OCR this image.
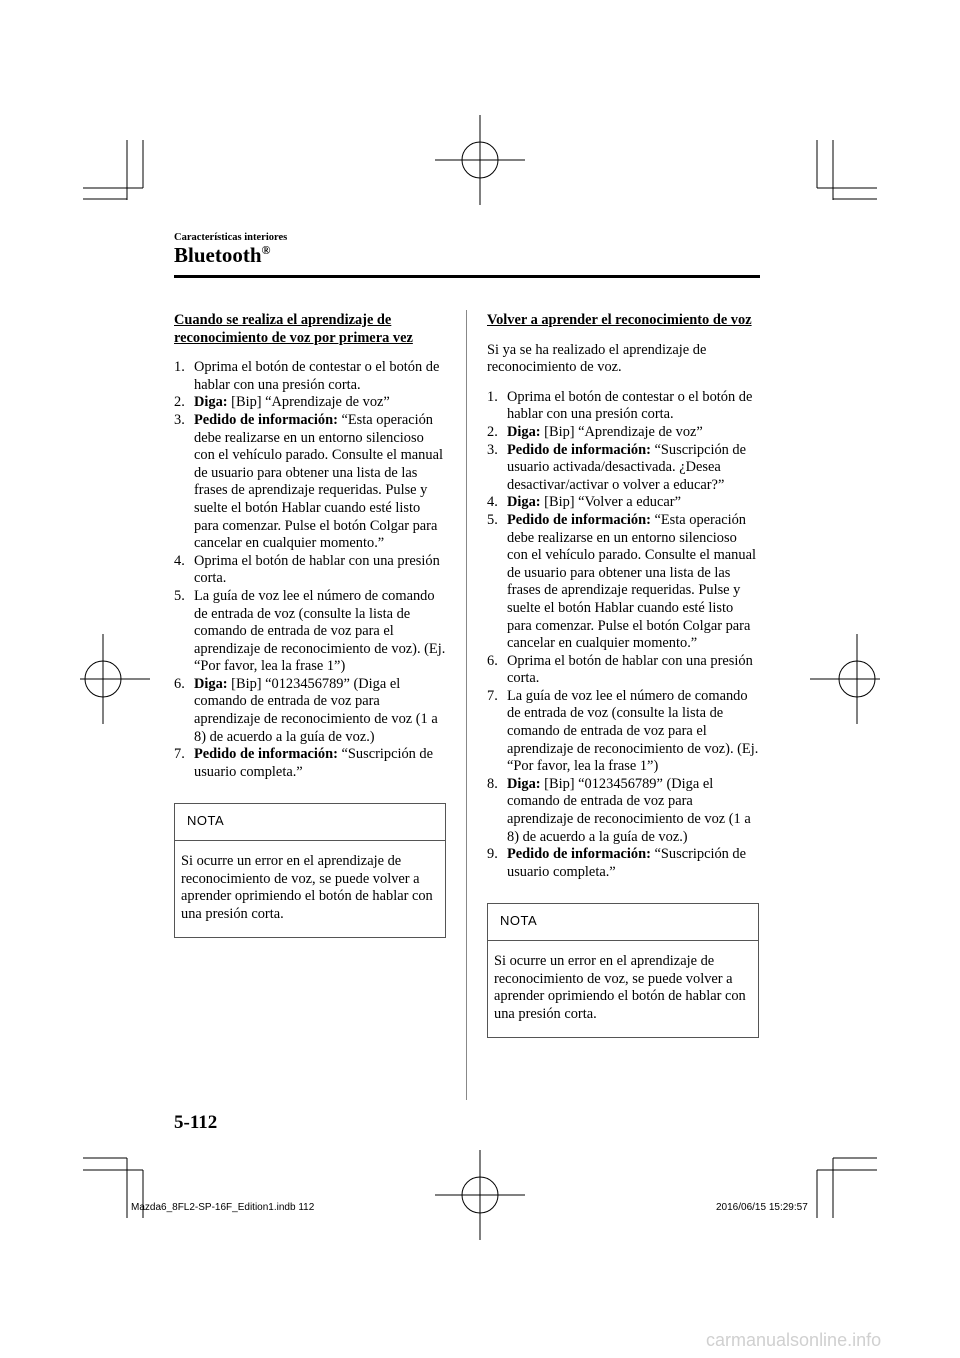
Características interiores
Bluetooth®
Cuando se realiza el aprendizaje de reconocimiento de voz por primera vez
1. Oprima el botón de contestar o el botón de hablar con una presión corta.
2. Diga: [Bip] “Aprendizaje de voz”
3. Pedido de información: “Esta operación debe realizarse en un entorno silencioso con el vehículo parado. Consulte el manual de usuario para obtener una lista de las frases de aprendizaje requeridas. Pulse y suelte el botón Hablar cuando esté listo para comenzar. Pulse el botón Colgar para cancelar en cualquier momento.”
4. Oprima el botón de hablar con una presión corta.
5. La guía de voz lee el número de comando de entrada de voz (consulte la lista de comando de entrada de voz para el aprendizaje de reconocimiento de voz). (Ej. “Por favor, lea la frase 1”)
6. Diga: [Bip] “0123456789” (Diga el comando de entrada de voz para aprendizaje de reconocimiento de voz (1 a 8) de acuerdo a la guía de voz.)
7. Pedido de información: “Suscripción de usuario completa.”
NOTA
Si ocurre un error en el aprendizaje de reconocimiento de voz, se puede volver a aprender oprimiendo el botón de hablar con una presión corta.
Volver a aprender el reconocimiento de voz
Si ya se ha realizado el aprendizaje de reconocimiento de voz.
1. Oprima el botón de contestar o el botón de hablar con una presión corta.
2. Diga: [Bip] “Aprendizaje de voz”
3. Pedido de información: “Suscripción de usuario activada/desactivada. ¿Desea desactivar/activar o volver a educar?”
4. Diga: [Bip] “Volver a educar”
5. Pedido de información: “Esta operación debe realizarse en un entorno silencioso con el vehículo parado. Consulte el manual de usuario para obtener una lista de las frases de aprendizaje requeridas. Pulse y suelte el botón Hablar cuando esté listo para comenzar. Pulse el botón Colgar para cancelar en cualquier momento.”
6. Oprima el botón de hablar con una presión corta.
7. La guía de voz lee el número de comando de entrada de voz (consulte la lista de comando de entrada de voz para el aprendizaje de reconocimiento de voz). (Ej. “Por favor, lea la frase 1”)
8. Diga: [Bip] “0123456789” (Diga el comando de entrada de voz para aprendizaje de reconocimiento de voz (1 a 8) de acuerdo a la guía de voz.)
9. Pedido de información: “Suscripción de usuario completa.”
NOTA
Si ocurre un error en el aprendizaje de reconocimiento de voz, se puede volver a aprender oprimiendo el botón de hablar con una presión corta.
5-112
Mazda6_8FL2-SP-16F_Edition1.indb 112	2016/06/15 15:29:57
carmanualsonline.info
